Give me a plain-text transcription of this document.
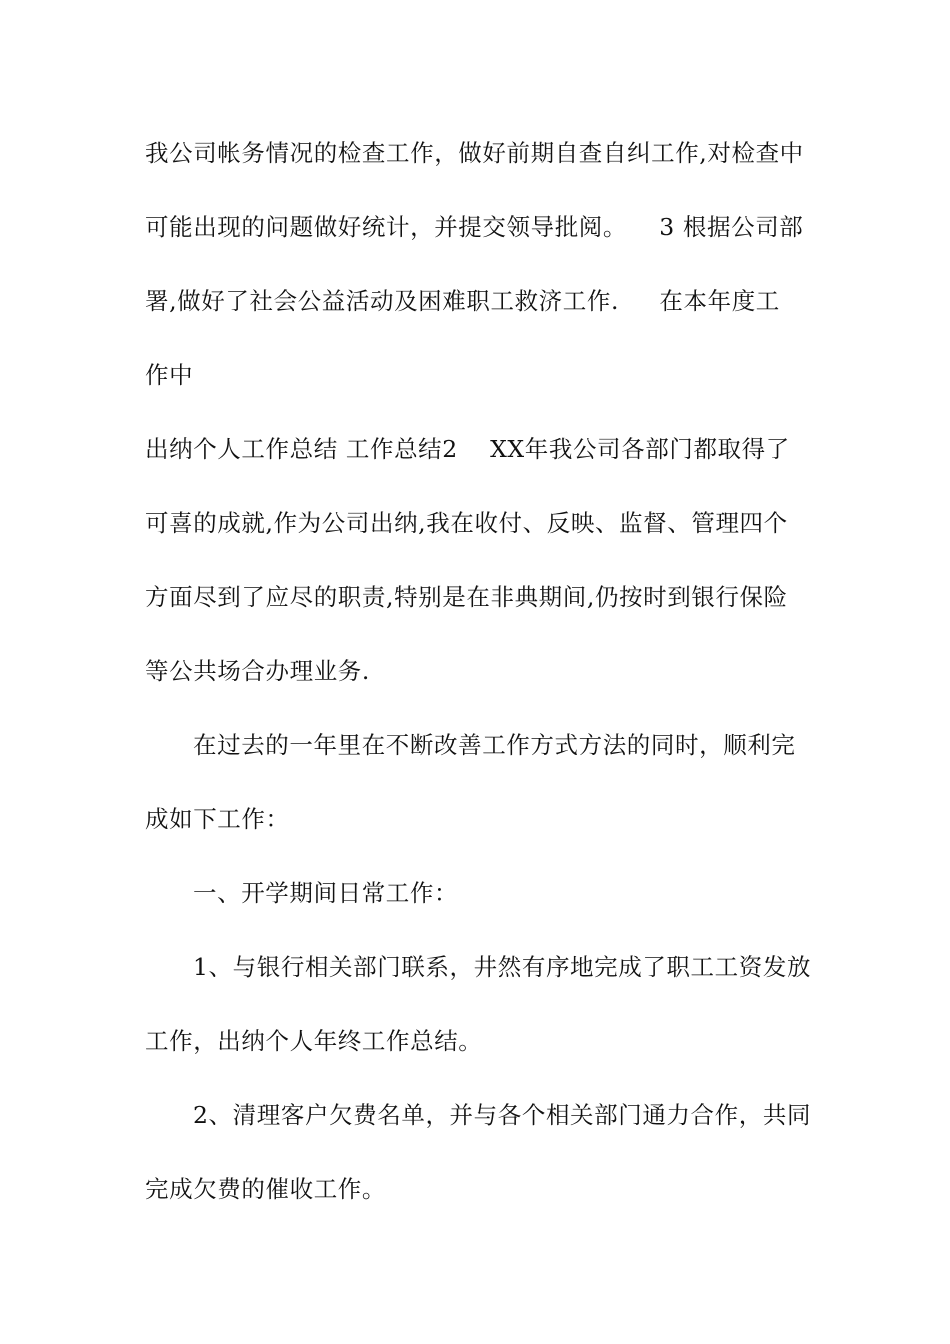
我公司帐务情况的检查工作，做好前期自查自纠工作,对检查中
可能出现的问题做好统计，并提交领导批阅。    3 根据公司部
署,做好了社会公益活动及困难职工救济工作.     在本年度工
作中
出纳个人工作总结 工作总结2    XX年我公司各部门都取得了
可喜的成就,作为公司出纳,我在收付、反映、监督、管理四个
方面尽到了应尽的职责,特别是在非典期间,仍按时到银行保险
等公共场合办理业务.
在过去的一年里在不断改善工作方式方法的同时，顺利完
成如下工作：
一、开学期间日常工作：
1、与银行相关部门联系，井然有序地完成了职工工资发放
工作，出纳个人年终工作总结。
2、清理客户欠费名单，并与各个相关部门通力合作，共同
完成欠费的催收工作。
